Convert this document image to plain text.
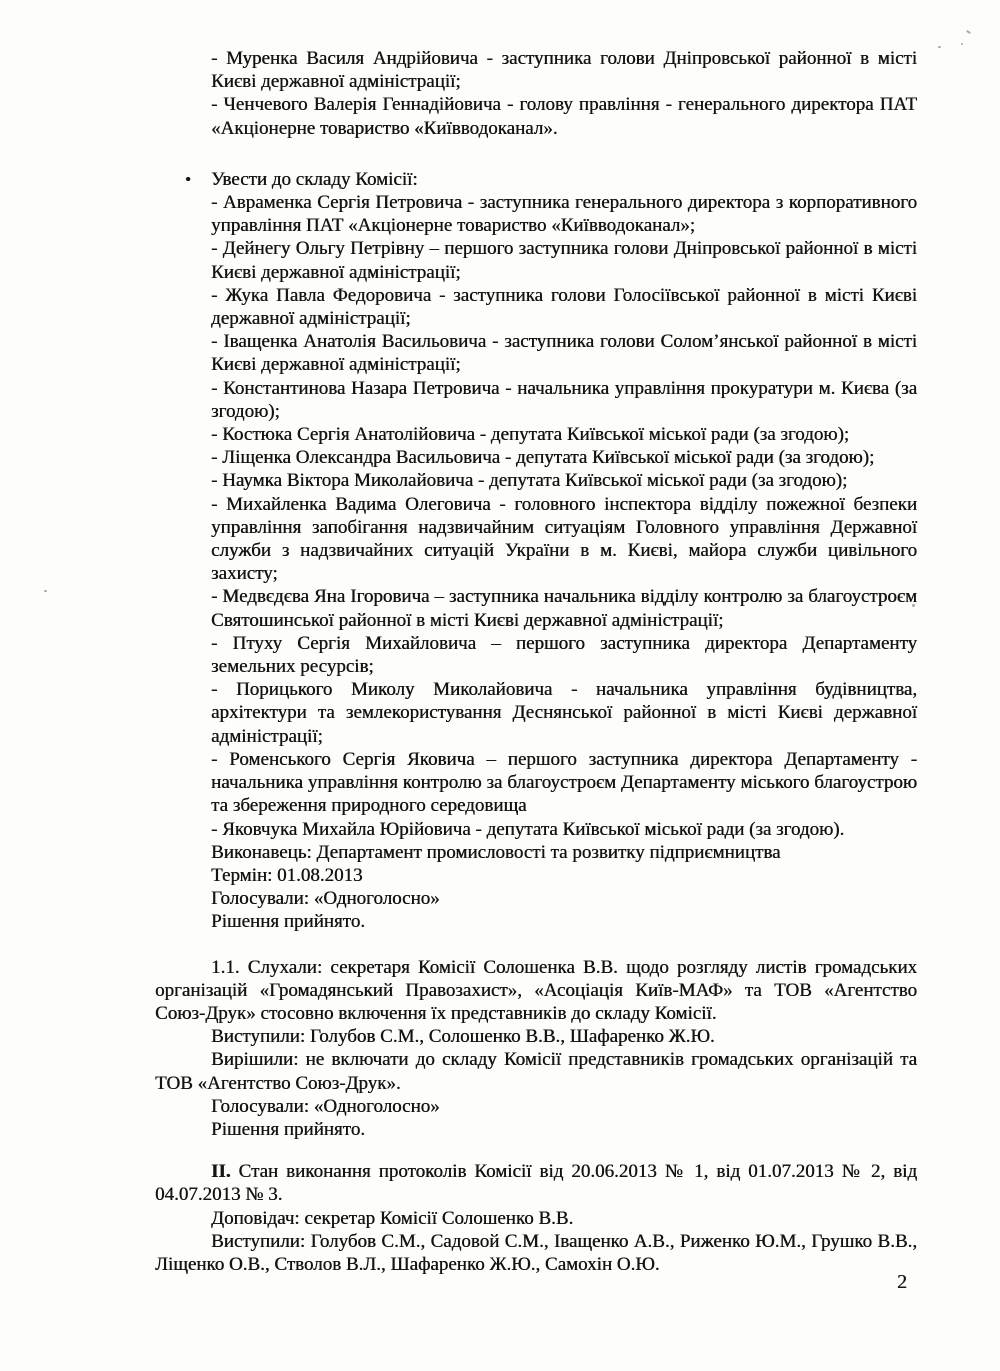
- Муренка Василя Андрійовича - заступника голови Дніпровської районної в місті Києві державної адміністрації;

- Ченчевого Валерія Геннадійовича - голову правління - генерального директора ПАТ «Акціонерне товариство «Київводоканал».

• Увести до складу Комісії:

- Авраменка Сергія Петровича - заступника генерального директора з корпоративного управління ПАТ «Акціонерне товариство «Київводоканал»;

- Дейнегу Ольгу Петрівну – першого заступника голови Дніпровської районної в місті Києві державної адміністрації;

- Жука Павла Федоровича - заступника голови Голосіївської районної в місті Києві державної адміністрації;

- Іващенка Анатолія Васильовича - заступника голови Солом’янської районної в місті Києві державної адміністрації;

- Константинова Назара Петровича - начальника управління прокуратури м. Києва (за згодою);

- Костюка Сергія Анатолійовича - депутата Київської міської ради (за згодою);

- Ліщенка Олександра Васильовича - депутата Київської міської ради (за згодою);

- Наумка Віктора Миколайовича - депутата Київської міської ради (за згодою);

- Михайленка Вадима Олеговича - головного інспектора відділу пожежної безпеки управління запобігання надзвичайним ситуаціям Головного управління Державної служби з надзвичайних ситуацій України в м. Києві, майора служби цивільного захисту;

- Медвєдєва Яна Ігоровича – заступника начальника відділу контролю за благоустроєм Святошинської районної в місті Києві державної адміністрації;

- Птуху Сергія Михайловича – першого заступника директора Департаменту земельних ресурсів;

- Порицького Миколу Миколайовича - начальника управління будівництва, архітектури та землекористування Деснянської районної в місті Києві державної адміністрації;

- Роменського Сергія Яковича – першого заступника директора Департаменту - начальника управління контролю за благоустроєм Департаменту міського благоустрою та збереження природного середовища

- Яковчука Михайла Юрійовича - депутата Київської міської ради (за згодою).

Виконавець: Департамент промисловості та розвитку підприємництва

Термін: 01.08.2013

Голосували: «Одноголосно»

Рішення прийнято.

1.1. Слухали: секретаря Комісії Солошенка В.В. щодо розгляду листів громадських організацій «Громадянський Правозахист», «Асоціація Київ-МАФ» та ТОВ «Агентство Союз-Друк» стосовно включення їх представників до складу Комісії.

Виступили: Голубов С.М., Солошенко В.В., Шафаренко Ж.Ю.

Вирішили: не включати до складу Комісії представників громадських організацій та ТОВ «Агентство Союз-Друк».

Голосували: «Одноголосно»

Рішення прийнято.

II. Стан виконання протоколів Комісії від 20.06.2013 № 1, від 01.07.2013 № 2, від 04.07.2013 № 3.

Доповідач: секретар Комісії Солошенко В.В.

Виступили: Голубов С.М., Садовой С.М., Іващенко А.В., Риженко Ю.М., Грушко В.В., Ліщенко О.В., Стволов В.Л., Шафаренко Ж.Ю., Самохін О.Ю.

2
